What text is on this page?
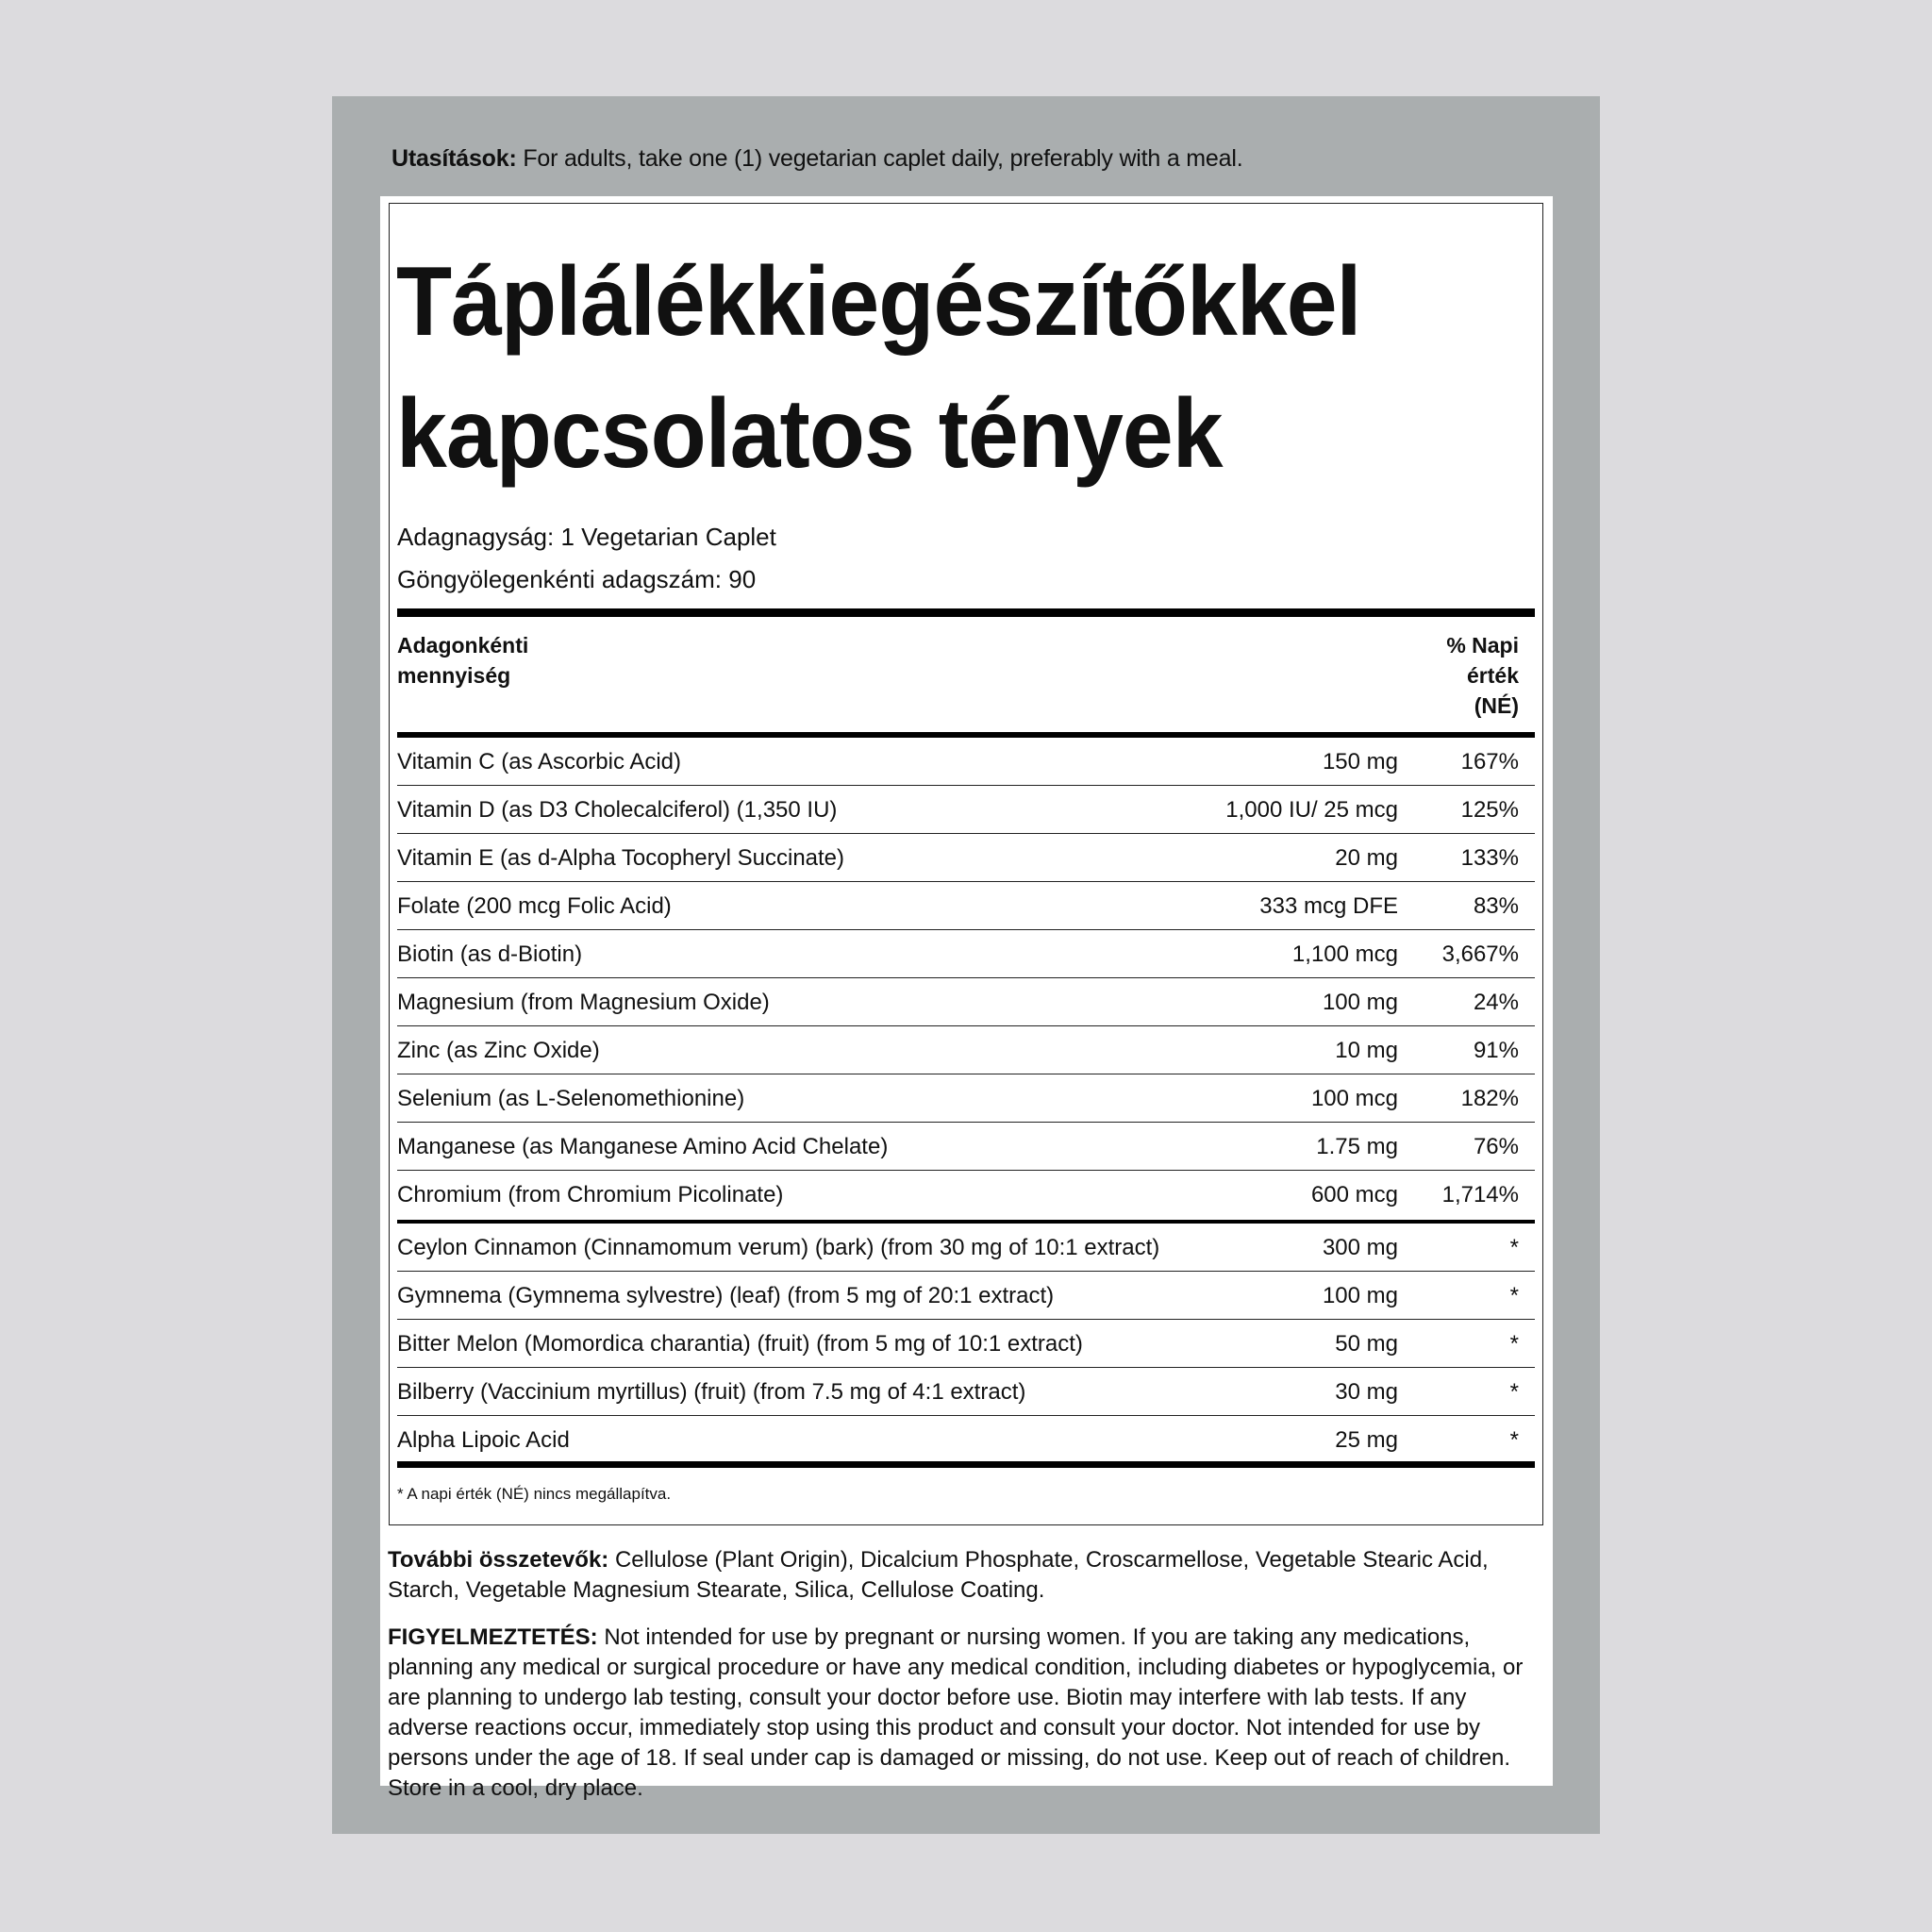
Utasítások: For adults, take one (1) vegetarian caplet daily, preferably with a meal.
Táplálékkiegészítőkkel
kapcsolatos tények
Adagnagyság: 1 Vegetarian Caplet
Göngyölegenkénti adagszám: 90
Adagonkénti
mennyiség
% Napi
érték
(NÉ)
Vitamin C (as Ascorbic Acid)	150 mg	167%
Vitamin D (as D3 Cholecalciferol) (1,350 IU)	1,000 IU/ 25 mcg	125%
Vitamin E (as d-Alpha Tocopheryl Succinate)	20 mg	133%
Folate (200 mcg Folic Acid)	333 mcg DFE	83%
Biotin (as d-Biotin)	1,100 mcg 3,667%
Magnesium (from Magnesium Oxide)	100 mg	24%
Zinc (as Zinc Oxide)	10 mg	91%
Selenium (as L-Selenomethionine)	100 mcg	182%
Manganese (as Manganese Amino Acid Chelate)	1.75 mg	76%
Chromium (from Chromium Picolinate)	600 mcg 1,714%
Ceylon Cinnamon (Cinnamomum verum) (bark) (from 30 mg of 10:1 extract)	300 mg	*
Gymnema (Gymnema sylvestre) (leaf) (from 5 mg of 20:1 extract)	100 mg	*
Bitter Melon (Momordica charantia) (fruit) (from 5 mg of 10:1 extract)	50 mg	*
Bilberry (Vaccinium myrtillus) (fruit) (from 7.5 mg of 4:1 extract)	30 mg	*
Alpha Lipoic Acid	25 mg	*
* A napi érték (NÉ) nincs megállapítva.
További összetevők: Cellulose (Plant Origin), Dicalcium Phosphate, Croscarmellose, Vegetable Stearic Acid, Starch, Vegetable Magnesium Stearate, Silica, Cellulose Coating.
FIGYELMEZTETÉS: Not intended for use by pregnant or nursing women. If you are taking any medications, planning any medical or surgical procedure or have any medical condition, including diabetes or hypoglycemia, or are planning to undergo lab testing, consult your doctor before use. Biotin may interfere with lab tests. If any adverse reactions occur, immediately stop using this product and consult your doctor. Not intended for use by persons under the age of 18. If seal under cap is damaged or missing, do not use. Keep out of reach of children. Store in a cool, dry place.
